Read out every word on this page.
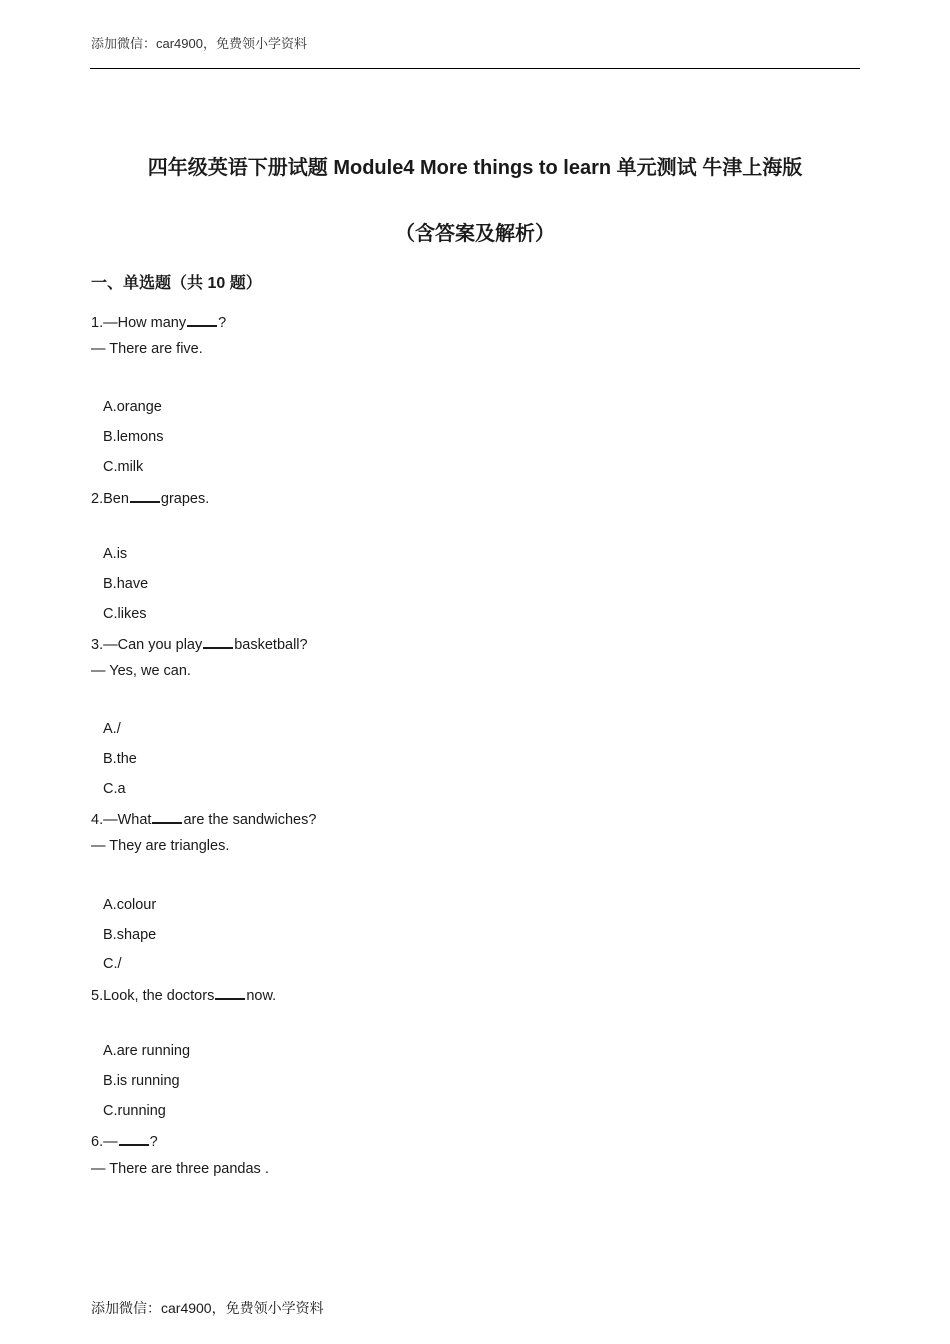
添加微信：car4900，免费领小学资料
四年级英语下册试题 Module4 More things to learn 单元测试 牛津上海版
（含答案及解析）
一、单选题（共 10 题）
1.—How many ?
— There are five.
A.orange
B.lemons
C.milk
2.Ben grapes.
A.is
B.have
C.likes
3.—Can you play basketball?
— Yes, we can.
A./
B.the
C.a
4.—What are the sandwiches?
— They are triangles.
A.colour
B.shape
C./
5.Look, the doctors now.
A.are running
B.is running
C.running
6.— ?
— There are three pandas .
添加微信：car4900，免费领小学资料
